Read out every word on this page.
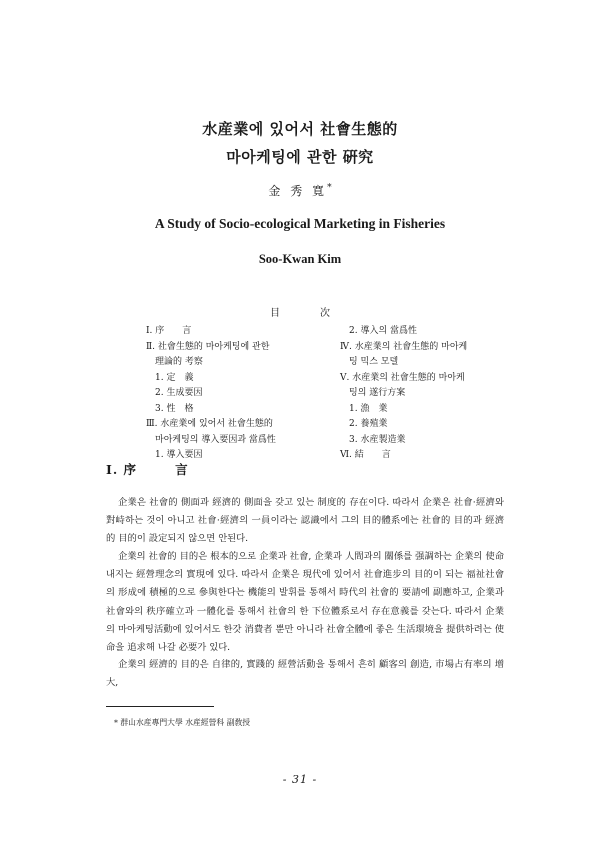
水産業에 있어서 社會生態的
마아케팅에 관한 硏究
金 秀 寬*
A Study of Socio-ecological Marketing in Fisheries
Soo-Kwan Kim
目	次
Ⅰ. 序　　言
Ⅱ. 社會生態的 마아케팅에 관한
　理論的 考察
　1. 定　義
　2. 生成要因
　3. 性　格
Ⅲ. 水産業에 있어서 社會生態的
　마아케팅의 導入要因과 當爲性
　1. 導入要因
　2. 導入의 當爲性
Ⅳ. 水産業의 社會生態的 마아케
　팅 믹스 모델
Ⅴ. 水産業의 社會生態的 마아케
　팅의 遂行方案
　1. 漁　業
　2. 養殖業
　3. 水産製造業
Ⅵ. 結　　言
Ⅰ. 序	言

企業은 社會的 側面과 經濟的 側面을 갖고 있는 制度的 存在이다. 따라서 企業은 社會·經濟와 對峙하는 것이 아니고 社會·經濟의 一員이라는 認識에서 그의 目的體系에는 社會的 目的과 經濟的 目的이 設定되지 않으면 안된다.

企業의 社會的 目的은 根本的으로 企業과 社會, 企業과 人間과의 關係를 强調하는 企業의 使命 내지는 經營理念의 實現에 있다. 따라서 企業은 現代에 있어서 社會進步의 目的이 되는 福祉社會의 形成에 積極的으로 參與한다는 機能의 발휘를 통해서 時代의 社會的 要請에 副應하고, 企業과 社會와의 秩序確立과 一體化를 통해서 社會의 한 下位體系로서 存在意義를 갖는다. 따라서 企業의 마아케팅活動에 있어서도 한갓 消費者 뿐만 아니라 社會全體에 좋은 生活環境을 提供하려는 使命을 追求해 나갈 必要가 있다.

企業의 經濟的 目的은 自律的, 實踐的 經營活動을 통해서 흔히 顧客의 創造, 市場占有率의 增大,

* 群山水産專門大學 水産經營科 副敎授
- 31 -
